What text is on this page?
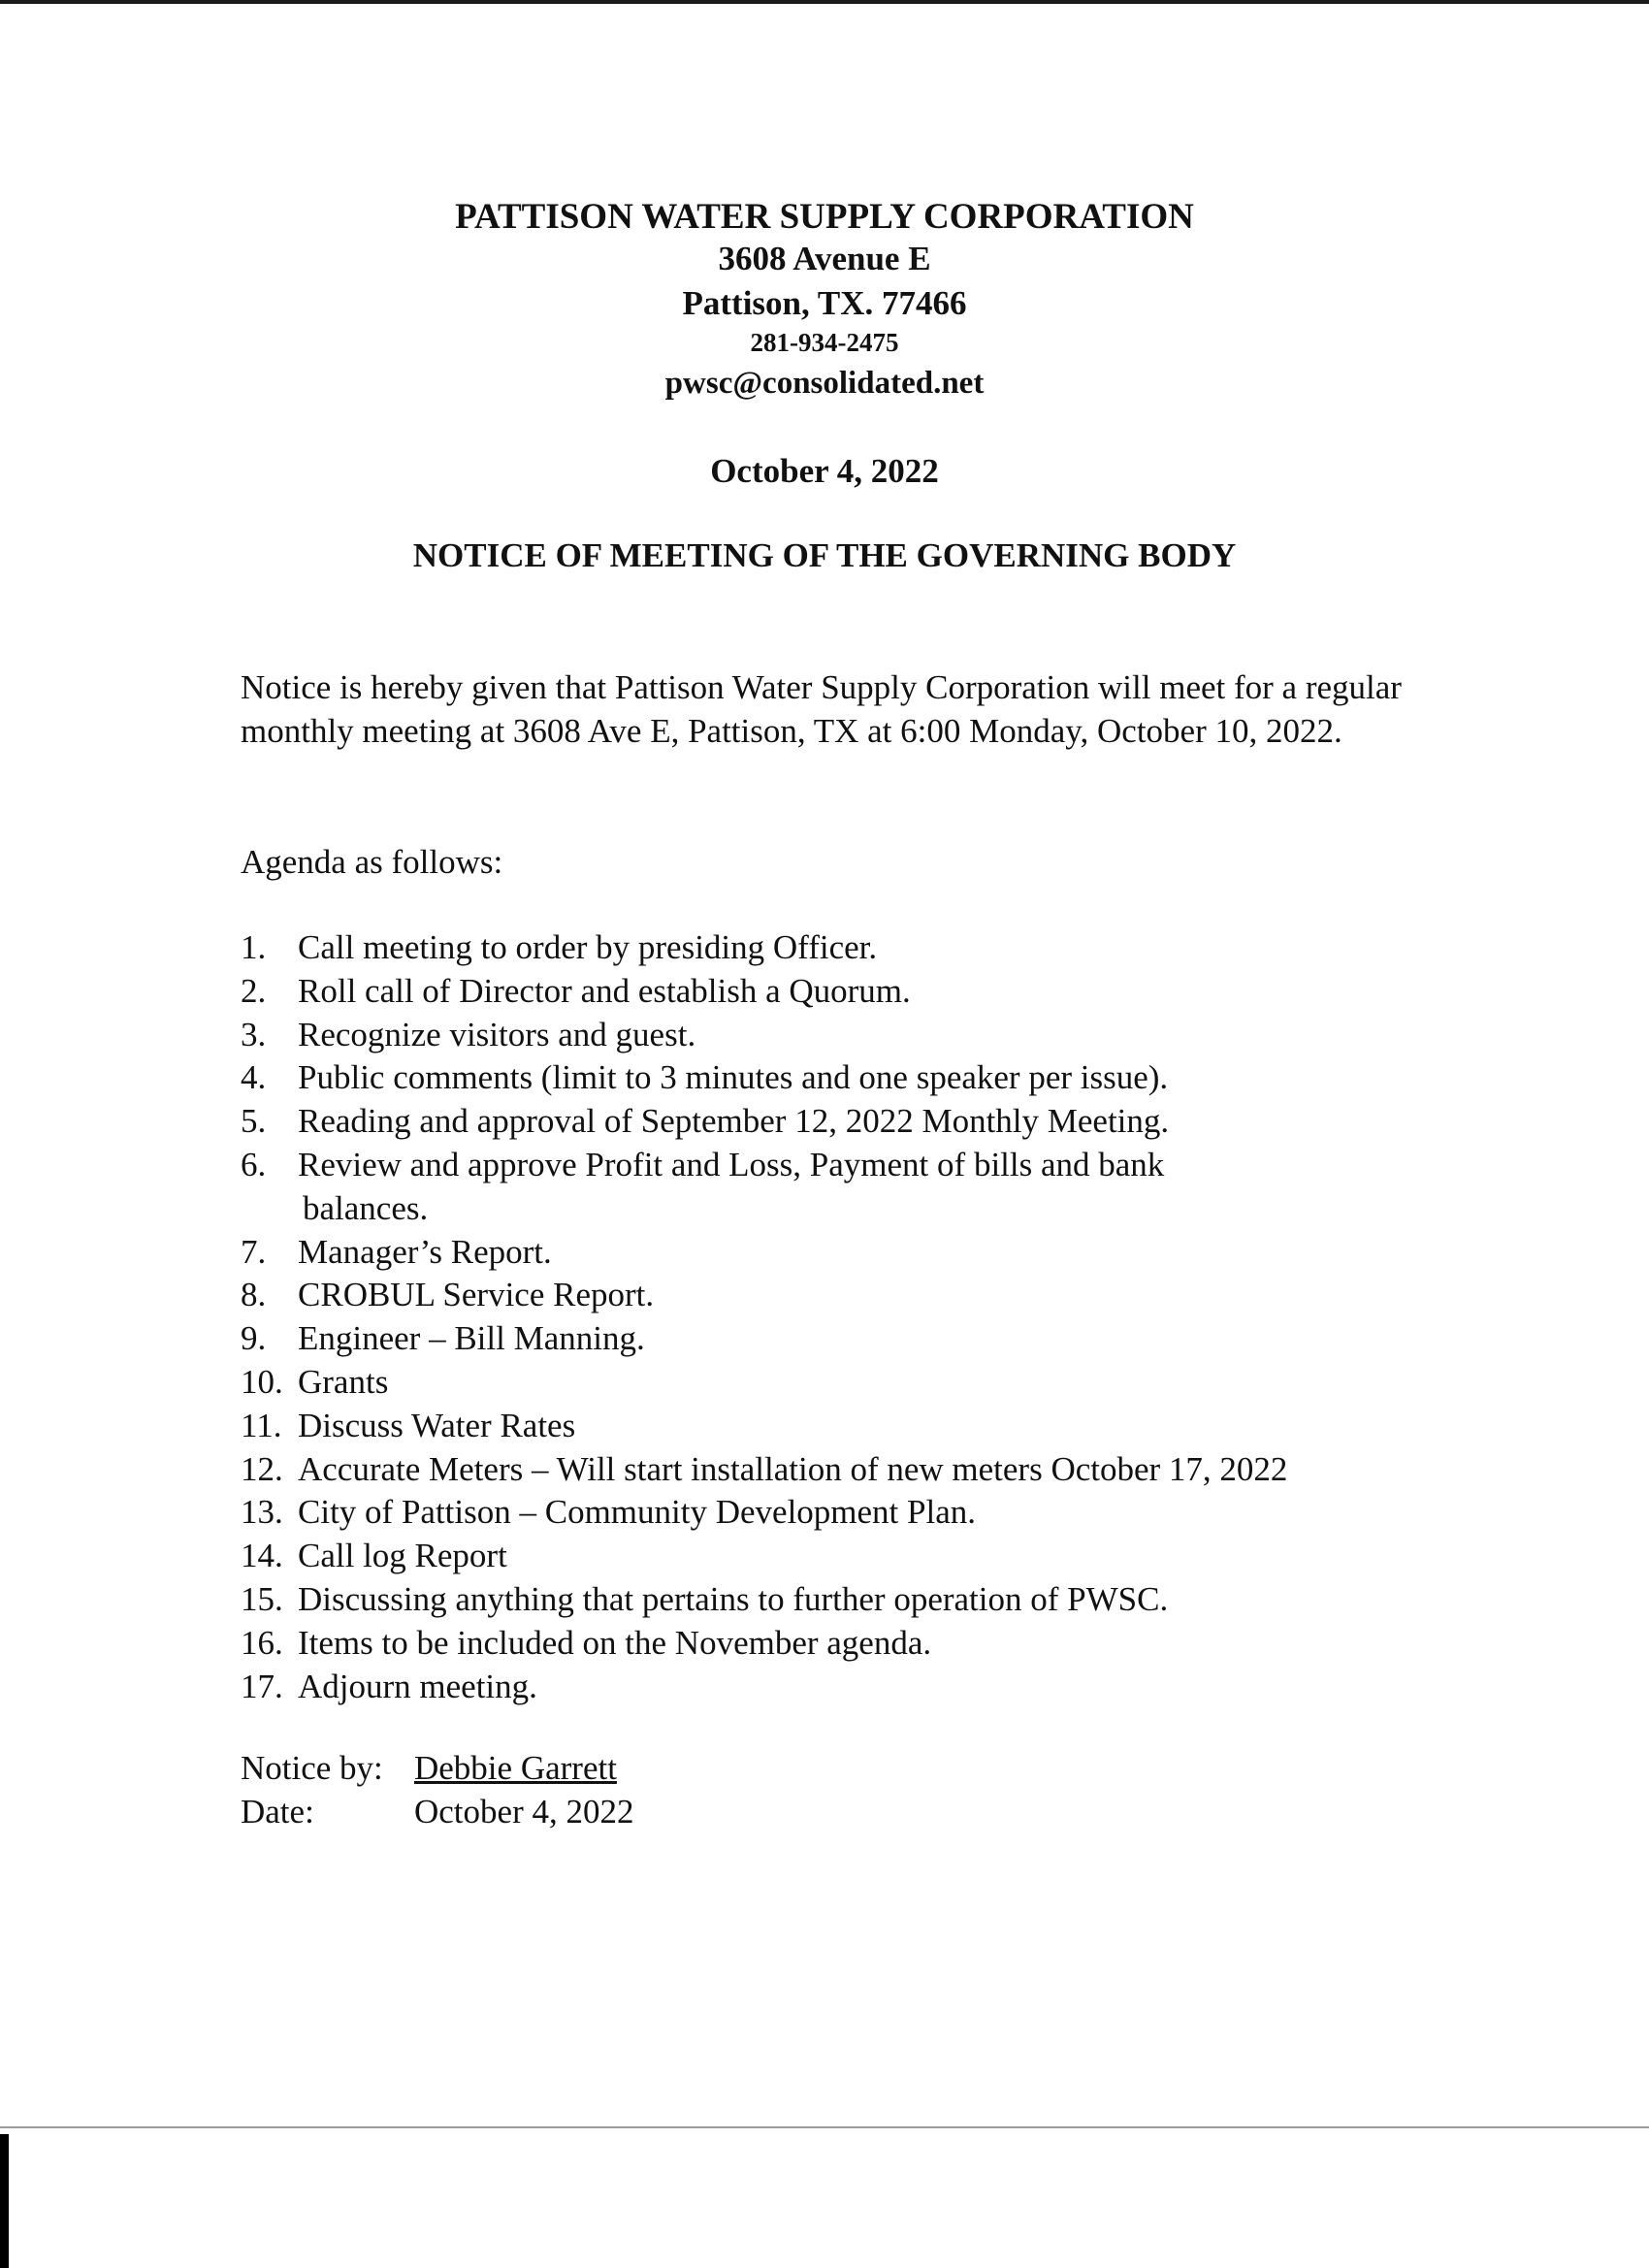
PATTISON WATER SUPPLY CORPORATION
3608 Avenue E
Pattison, TX. 77466
281-934-2475
pwsc@consolidated.net
October 4, 2022
NOTICE OF MEETING OF THE GOVERNING BODY
Notice is hereby given that Pattison Water Supply Corporation will meet for a regular monthly meeting at 3608 Ave E, Pattison, TX at 6:00 Monday, October 10, 2022.
Agenda as follows:
1. Call meeting to order by presiding Officer.
2. Roll call of Director and establish a Quorum.
3. Recognize visitors and guest.
4. Public comments (limit to 3 minutes and one speaker per issue).
5. Reading and approval of September 12, 2022 Monthly Meeting.
6. Review and approve Profit and Loss, Payment of bills and bank
balances.
7. Manager’s Report.
8. CROBUL Service Report.
9. Engineer – Bill Manning.
10. Grants
11. Discuss Water Rates
12. Accurate Meters – Will start installation of new meters October 17, 2022
13. City of Pattison – Community Development Plan.
14. Call log Report
15. Discussing anything that pertains to further operation of PWSC.
16. Items to be included on the November agenda.
17. Adjourn meeting.
Notice by: Debbie Garrett
Date:	October 4, 2022
